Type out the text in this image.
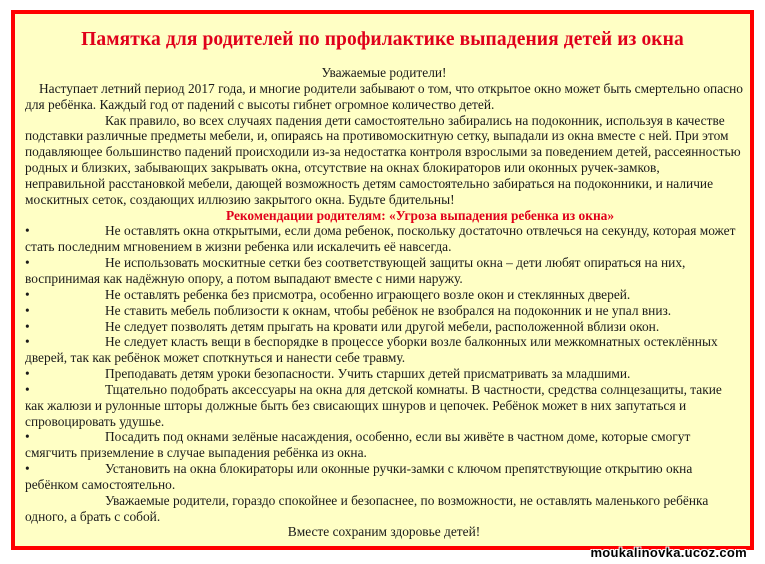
Памятка для родителей по профилактике выпадения детей из окна

Уважаемые родители!

Наступает летний период 2017 года, и многие родители забывают о том, что открытое окно может быть смертельно опасно для ребёнка. Каждый год от падений с высоты гибнет огромное количество детей.

Как правило, во всех случаях падения дети самостоятельно забирались на подоконник, используя в качестве подставки различные предметы мебели, и, опираясь на противомоскитную сетку, выпадали из окна вместе с ней. При этом подавляющее большинство падений происходили из-за недостатка контроля взрослыми за поведением детей, рассеянностью родных и близких, забывающих закрывать окна, отсутствие на окнах блокираторов или оконных ручек-замков, неправильной расстановкой мебели, дающей возможность детям самостоятельно забираться на подоконники, и наличие москитных сеток, создающих иллюзию закрытого окна. Будьте бдительны!

Рекомендации родителям: «Угроза выпадения ребенка из окна»

•	Не оставлять окна открытыми, если дома ребенок, поскольку достаточно отвлечься на секунду, которая может стать последним мгновением в жизни ребенка или искалечить её навсегда.

•	Не использовать москитные сетки без соответствующей защиты окна – дети любят опираться на них, воспринимая как надёжную опору, а потом выпадают вместе с ними наружу.

•	Не оставлять ребенка без присмотра, особенно играющего возле окон и стеклянных дверей.

•	Не ставить мебель поблизости к окнам, чтобы ребёнок не взобрался на подоконник и не упал вниз.

•	Не следует позволять детям прыгать на кровати или другой мебели, расположенной вблизи окон.

•	Не следует класть вещи в беспорядке в процессе уборки возле балконных или межкомнатных остеклённых дверей, так как ребёнок может споткнуться и нанести себе травму.

•	Преподавать детям уроки безопасности. Учить старших детей присматривать за младшими.

•	Тщательно подобрать аксессуары на окна для детской комнаты. В частности, средства солнцезащиты, такие как жалюзи и рулонные шторы должные быть без свисающих шнуров и цепочек. Ребёнок может в них запутаться и спровоцировать удушье.

•	Посадить под окнами зелёные насаждения, особенно, если вы живёте в частном доме, которые смогут смягчить приземление в случае выпадения ребёнка из окна.

•	Установить на окна блокираторы или оконные ручки-замки с ключом препятствующие открытию окна ребёнком самостоятельно.

Уважаемые родители, гораздо спокойнее и безопаснее, по возможности, не оставлять маленького ребёнка одного, а брать с собой.

Вместе сохраним здоровье детей!

moukalinovka.ucoz.com
